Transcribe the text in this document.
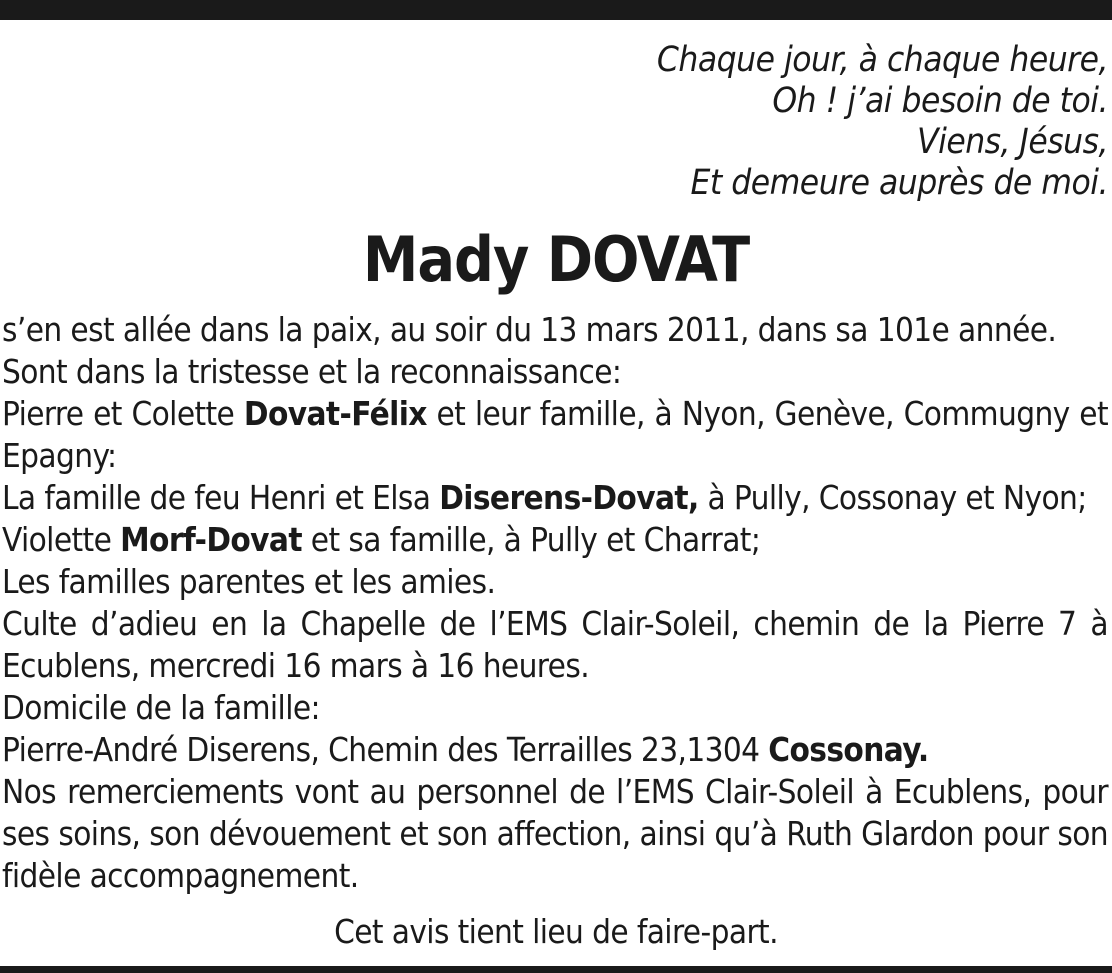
Chaque jour, à chaque heure,
Oh ! j’ai besoin de toi.
Viens, Jésus,
Et demeure auprès de moi.
Mady DOVAT
s’en est allée dans la paix, au soir du 13 mars 2011, dans sa 101e année.
Sont dans la tristesse et la reconnaissance:
Pierre et Colette Dovat-Félix et leur famille, à Nyon, Genève, Commugny et Epagny:
La famille de feu Henri et Elsa Diserens-Dovat, à Pully, Cossonay et Nyon;
Violette Morf-Dovat et sa famille, à Pully et Charrat;
Les familles parentes et les amies.
Culte d’adieu en la Chapelle de l’EMS Clair-Soleil, chemin de la Pierre 7 à Ecublens, mercredi 16 mars à 16 heures.
Domicile de la famille:
Pierre-André Diserens, Chemin des Terrailles 23,1304 Cossonay.
Nos remerciements vont au personnel de l’EMS Clair-Soleil à Ecublens, pour ses soins, son dévouement et son affection, ainsi qu’à Ruth Glardon pour son fidèle accompagnement.
Cet avis tient lieu de faire-part.
